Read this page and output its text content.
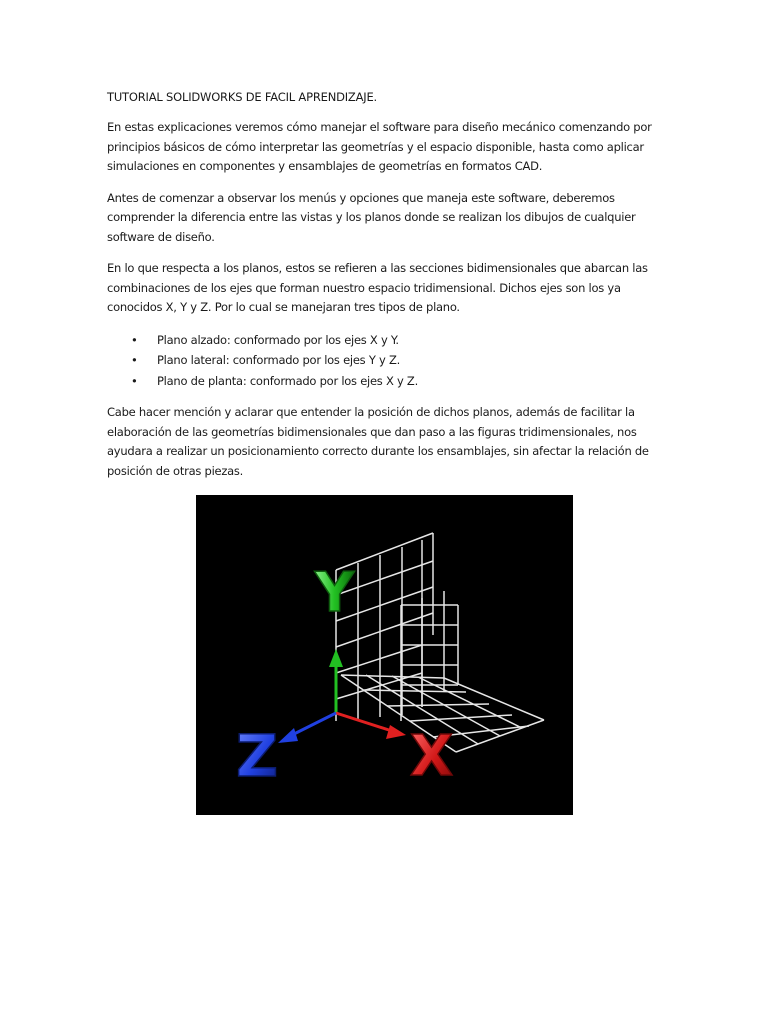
TUTORIAL SOLIDWORKS DE FACIL APRENDIZAJE.

En estas explicaciones veremos cómo manejar el software para diseño mecánico comenzando por principios básicos de cómo interpretar las geometrías y el espacio disponible, hasta como aplicar simulaciones en componentes y ensamblajes de geometrías en formatos CAD.

Antes de comenzar a observar los menús y opciones que maneja este software, deberemos comprender la diferencia entre las vistas y los planos donde se realizan los dibujos de cualquier software de diseño.

En lo que respecta a los planos, estos se refieren a las secciones bidimensionales que abarcan las combinaciones de los ejes que forman nuestro espacio tridimensional. Dichos ejes son los ya conocidos X, Y y Z. Por lo cual se manejaran tres tipos de plano.

• Plano alzado: conformado por los ejes X y Y.
• Plano lateral: conformado por los ejes Y y Z.
• Plano de planta: conformado por los ejes X y Z.

Cabe hacer mención y aclarar que entender la posición de dichos planos, además de facilitar la elaboración de las geometrías bidimensionales que dan paso a las figuras tridimensionales, nos ayudara a realizar un posicionamiento correcto durante los ensamblajes, sin afectar la relación de posición de otras piezas.

Y
X
Z
